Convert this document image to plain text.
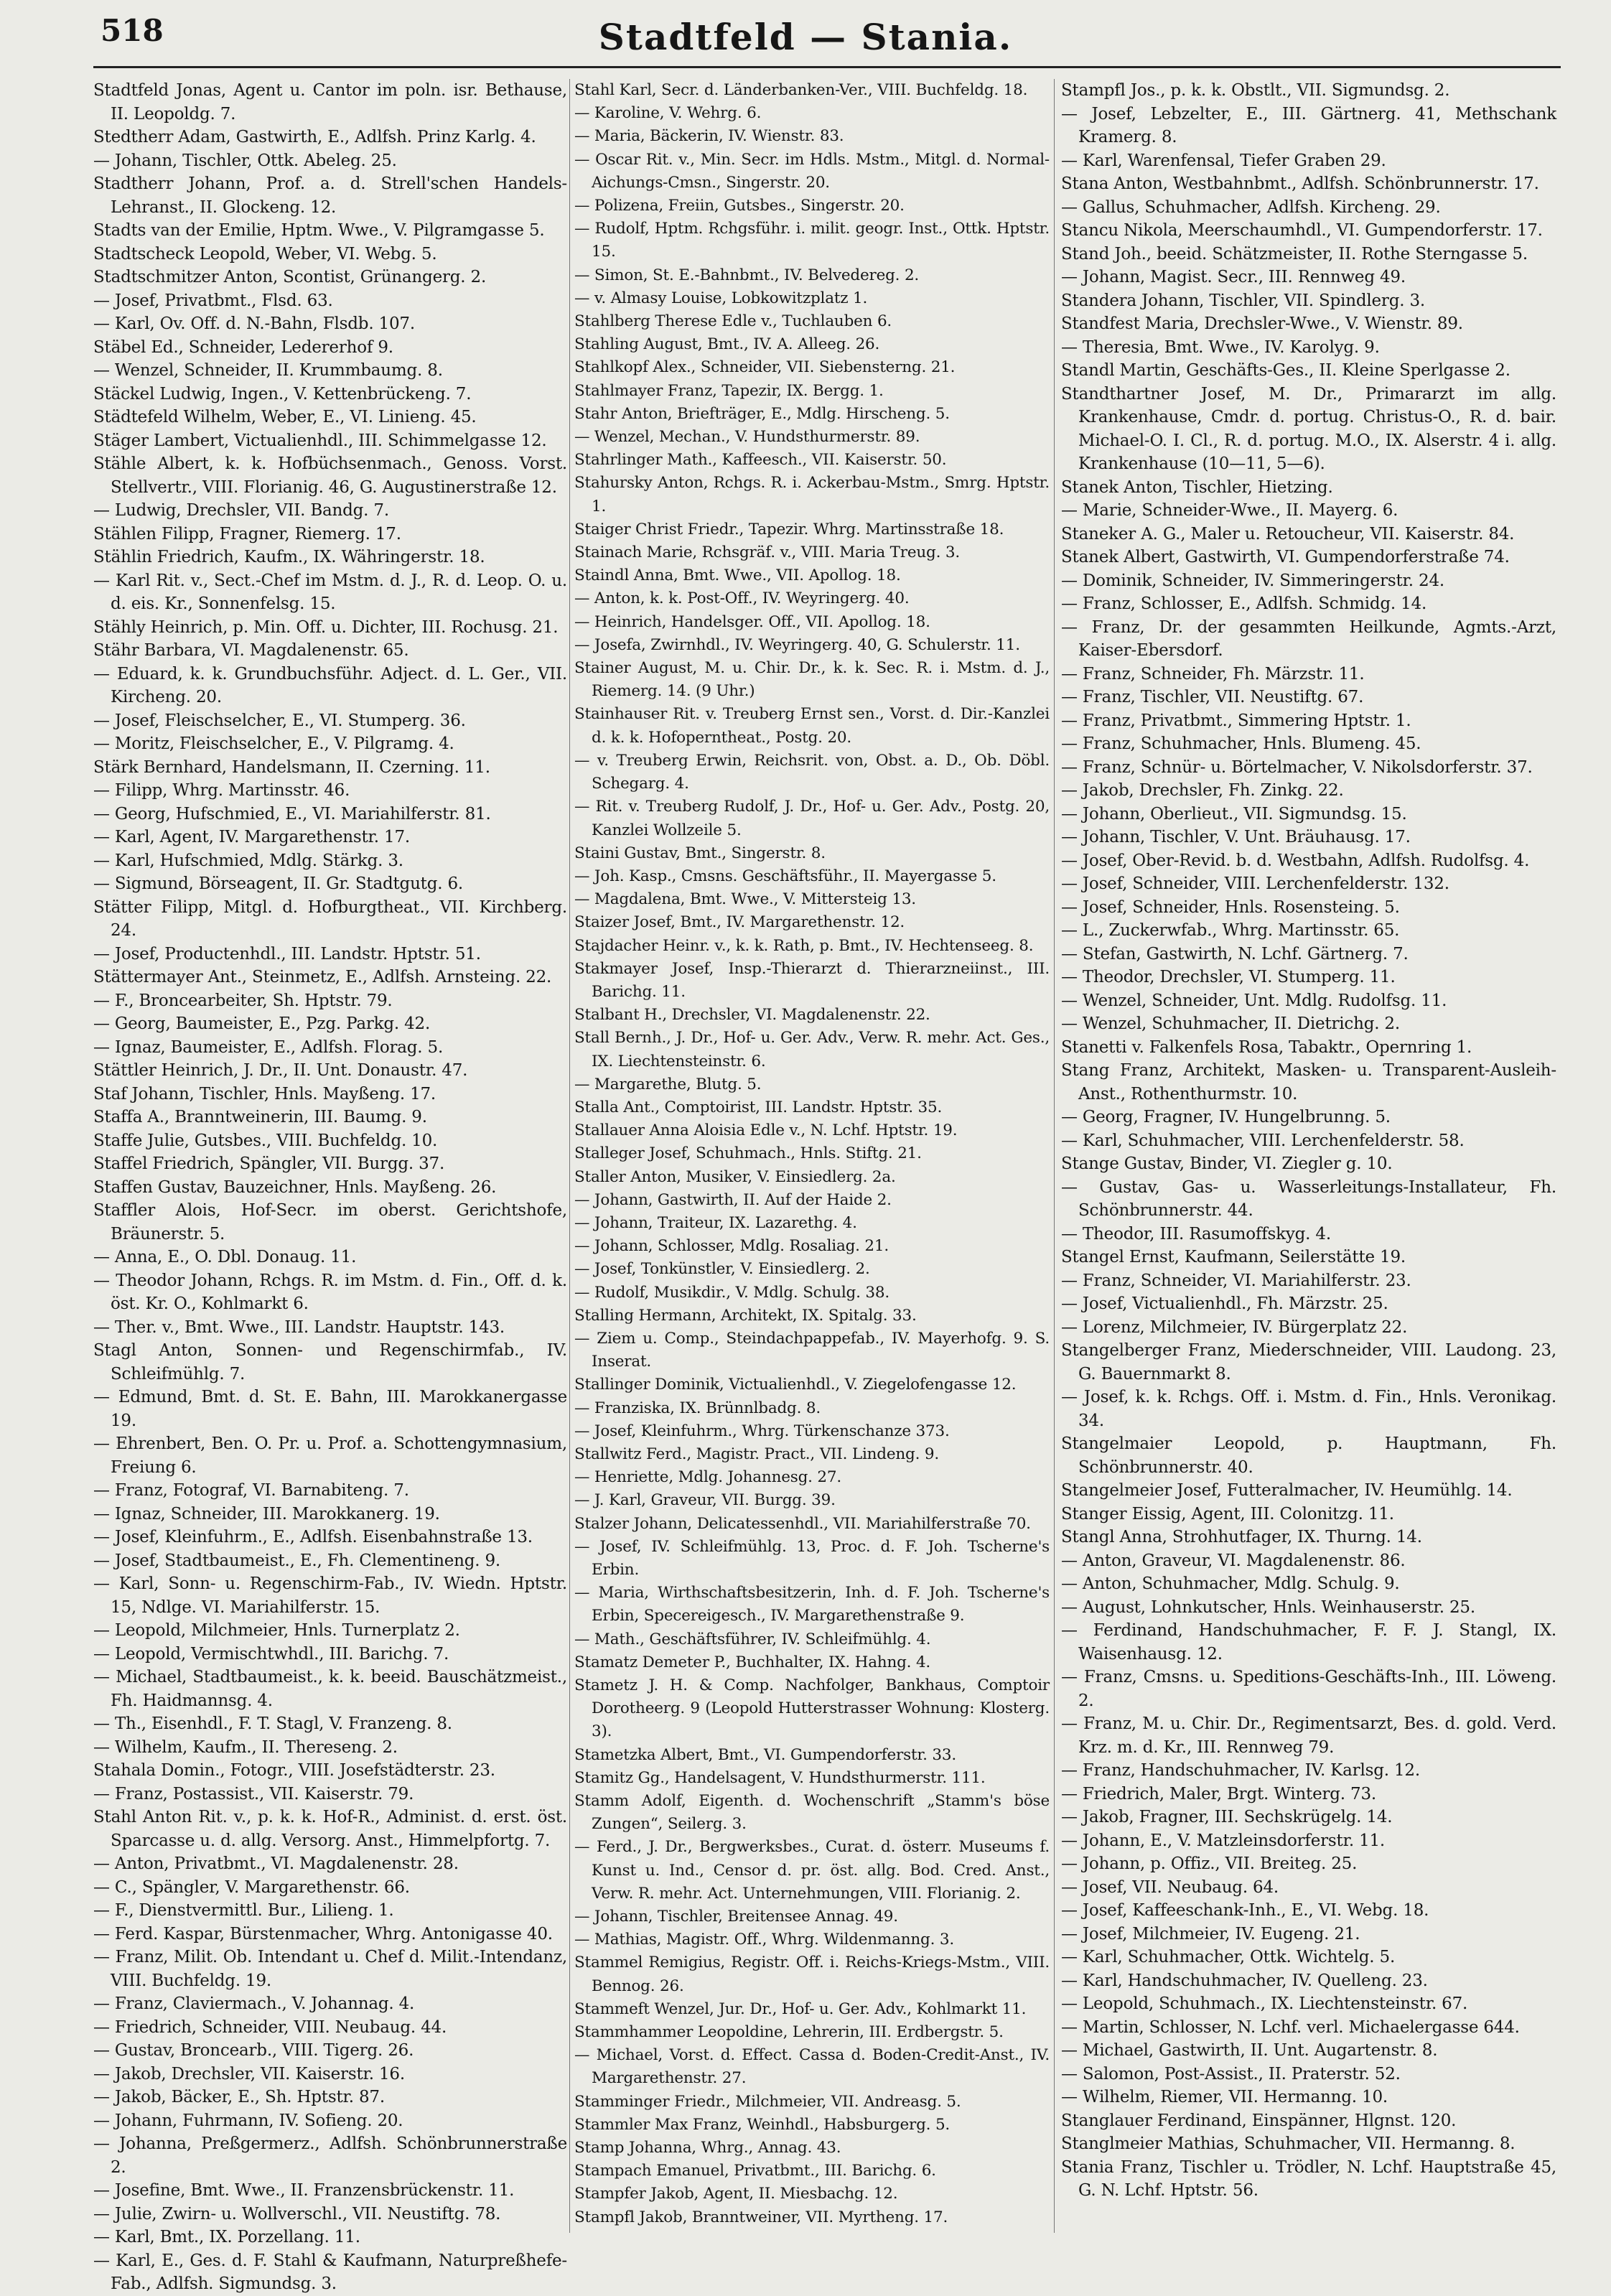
518	Stadtfeld — Stania.

Stadtfeld Jonas, Agent u. Cantor im poln. isr. Bethause, II. Leopoldg. 7.

Stedtherr Adam, Gastwirth, E., Adlfsh. Prinz Karlg. 4.

— Johann, Tischler, Ottk. Abeleg. 25.

Stadtherr Johann, Prof. a. d. Strell'schen Handels-Lehranst., II. Glockeng. 12.

Stadts van der Emilie, Hptm. Wwe., V. Pilgramgasse 5.

Stadtscheck Leopold, Weber, VI. Webg. 5.

Stadtschmitzer Anton, Scontist, Grünangerg. 2.

— Josef, Privatbmt., Flsd. 63.

— Karl, Ov. Off. d. N.-Bahn, Flsdb. 107.

Stäbel Ed., Schneider, Ledererhof 9.

— Wenzel, Schneider, II. Krummbaumg. 8.

Stäckel Ludwig, Ingen., V. Kettenbrückeng. 7.

Städtefeld Wilhelm, Weber, E., VI. Linieng. 45.

Stäger Lambert, Victualienhdl., III. Schimmelgasse 12.

Stähle Albert, k. k. Hofbüchsenmach., Genoss. Vorst. Stellvertr., VIII. Florianig. 46, G. Augustinerstraße 12.

— Ludwig, Drechsler, VII. Bandg. 7.

Stählen Filipp, Fragner, Riemerg. 17.

Stählin Friedrich, Kaufm., IX. Währingerstr. 18.

— Karl Rit. v., Sect.-Chef im Mstm. d. J., R. d. Leop. O. u. d. eis. Kr., Sonnenfelsg. 15.

Stähly Heinrich, p. Min. Off. u. Dichter, III. Rochusg. 21.

Stähr Barbara, VI. Magdalenenstr. 65.

— Eduard, k. k. Grundbuchsführ. Adject. d. L. Ger., VII. Kircheng. 20.

— Josef, Fleischselcher, E., VI. Stumperg. 36.

— Moritz, Fleischselcher, E., V. Pilgramg. 4.

Stärk Bernhard, Handelsmann, II. Czerning. 11.

— Filipp, Whrg. Martinsstr. 46.

— Georg, Hufschmied, E., VI. Mariahilferstr. 81.

— Karl, Agent, IV. Margarethenstr. 17.

— Karl, Hufschmied, Mdlg. Stärkg. 3.

— Sigmund, Börseagent, II. Gr. Stadtgutg. 6.

Stätter Filipp, Mitgl. d. Hofburgtheat., VII. Kirchberg. 24.

— Josef, Productenhdl., III. Landstr. Hptstr. 51.

Stättermayer Ant., Steinmetz, E., Adlfsh. Arnsteing. 22.

— F., Broncearbeiter, Sh. Hptstr. 79.

— Georg, Baumeister, E., Pzg. Parkg. 42.

— Ignaz, Baumeister, E., Adlfsh. Florag. 5.

Stättler Heinrich, J. Dr., II. Unt. Donaustr. 47.

Staf Johann, Tischler, Hnls. Mayßeng. 17.

Staffa A., Branntweinerin, III. Baumg. 9.

Staffe Julie, Gutsbes., VIII. Buchfeldg. 10.

Staffel Friedrich, Spängler, VII. Burgg. 37.

Staffen Gustav, Bauzeichner, Hnls. Mayßeng. 26.

Staffler Alois, Hof-Secr. im oberst. Gerichtshofe, Bräunerstr. 5.

— Anna, E., O. Dbl. Donaug. 11.

— Theodor Johann, Rchgs. R. im Mstm. d. Fin., Off. d. k. öst. Kr. O., Kohlmarkt 6.

— Ther. v., Bmt. Wwe., III. Landstr. Hauptstr. 143.

Stagl Anton, Sonnen- und Regenschirmfab., IV. Schleifmühlg. 7.

— Edmund, Bmt. d. St. E. Bahn, III. Marokkanergasse 19.

— Ehrenbert, Ben. O. Pr. u. Prof. a. Schottengymnasium, Freiung 6.

— Franz, Fotograf, VI. Barnabiteng. 7.

— Ignaz, Schneider, III. Marokkanerg. 19.

— Josef, Kleinfuhrm., E., Adlfsh. Eisenbahnstraße 13.

— Josef, Stadtbaumeist., E., Fh. Clementineng. 9.

— Karl, Sonn- u. Regenschirm-Fab., IV. Wiedn. Hptstr. 15, Ndlge. VI. Mariahilferstr. 15.

— Leopold, Milchmeier, Hnls. Turnerplatz 2.

— Leopold, Vermischtwhdl., III. Barichg. 7.

— Michael, Stadtbaumeist., k. k. beeid. Bauschätzmeist., Fh. Haidmannsg. 4.

— Th., Eisenhdl., F. T. Stagl, V. Franzeng. 8.

— Wilhelm, Kaufm., II. Thereseng. 2.

Stahala Domin., Fotogr., VIII. Josefstädterstr. 23.

— Franz, Postassist., VII. Kaiserstr. 79.

Stahl Anton Rit. v., p. k. k. Hof-R., Administ. d. erst. öst. Sparcasse u. d. allg. Versorg. Anst., Himmelpfortg. 7.

— Anton, Privatbmt., VI. Magdalenenstr. 28.

— C., Spängler, V. Margarethenstr. 66.

— F., Dienstvermittl. Bur., Lilieng. 1.

— Ferd. Kaspar, Bürstenmacher, Whrg. Antonigasse 40.

— Franz, Milit. Ob. Intendant u. Chef d. Milit.-Intendanz, VIII. Buchfeldg. 19.

— Franz, Claviermach., V. Johannag. 4.

— Friedrich, Schneider, VIII. Neubaug. 44.

— Gustav, Broncearb., VIII. Tigerg. 26.

— Jakob, Drechsler, VII. Kaiserstr. 16.

— Jakob, Bäcker, E., Sh. Hptstr. 87.

— Johann, Fuhrmann, IV. Sofieng. 20.

— Johanna, Preßgermerz., Adlfsh. Schönbrunnerstraße 2.

— Josefine, Bmt. Wwe., II. Franzensbrückenstr. 11.

— Julie, Zwirn- u. Wollverschl., VII. Neustiftg. 78.

— Karl, Bmt., IX. Porzellang. 11.

— Karl, E., Ges. d. F. Stahl & Kaufmann, Naturpreßhefe-Fab., Adlfsh. Sigmundsg. 3.

Stahl Karl, Secr. d. Länderbanken-Ver., VIII. Buchfeldg. 18.

— Karoline, V. Wehrg. 6.

— Maria, Bäckerin, IV. Wienstr. 83.

— Oscar Rit. v., Min. Secr. im Hdls. Mstm., Mitgl. d. Normal-Aichungs-Cmsn., Singerstr. 20.

— Polizena, Freiin, Gutsbes., Singerstr. 20.

— Rudolf, Hptm. Rchgsführ. i. milit. geogr. Inst., Ottk. Hptstr. 15.

— Simon, St. E.-Bahnbmt., IV. Belvedereg. 2.

— v. Almasy Louise, Lobkowitzplatz 1.

Stahlberg Therese Edle v., Tuchlauben 6.

Stahling August, Bmt., IV. A. Alleeg. 26.

Stahlkopf Alex., Schneider, VII. Siebensterng. 21.

Stahlmayer Franz, Tapezir, IX. Bergg. 1.

Stahr Anton, Briefträger, E., Mdlg. Hirscheng. 5.

— Wenzel, Mechan., V. Hundsthurmerstr. 89.

Stahrlinger Math., Kaffeesch., VII. Kaiserstr. 50.

Stahursky Anton, Rchgs. R. i. Ackerbau-Mstm., Smrg. Hptstr. 1.

Staiger Christ Friedr., Tapezir. Whrg. Martinsstraße 18.

Stainach Marie, Rchsgräf. v., VIII. Maria Treug. 3.

Staindl Anna, Bmt. Wwe., VII. Apollog. 18.

— Anton, k. k. Post-Off., IV. Weyringerg. 40.

— Heinrich, Handelsger. Off., VII. Apollog. 18.

— Josefa, Zwirnhdl., IV. Weyringerg. 40, G. Schulerstr. 11.

Stainer August, M. u. Chir. Dr., k. k. Sec. R. i. Mstm. d. J., Riemerg. 14. (9 Uhr.)

Stainhauser Rit. v. Treuberg Ernst sen., Vorst. d. Dir.-Kanzlei d. k. k. Hofoperntheat., Postg. 20.

— v. Treuberg Erwin, Reichsrit. von, Obst. a. D., Ob. Döbl. Schegarg. 4.

— Rit. v. Treuberg Rudolf, J. Dr., Hof- u. Ger. Adv., Postg. 20, Kanzlei Wollzeile 5.

Staini Gustav, Bmt., Singerstr. 8.

— Joh. Kasp., Cmsns. Geschäftsführ., II. Mayergasse 5.

— Magdalena, Bmt. Wwe., V. Mittersteig 13.

Staizer Josef, Bmt., IV. Margarethenstr. 12.

Stajdacher Heinr. v., k. k. Rath, p. Bmt., IV. Hechtenseeg. 8.

Stakmayer Josef, Insp.-Thierarzt d. Thierarzneiinst., III. Barichg. 11.

Stalbant H., Drechsler, VI. Magdalenenstr. 22.

Stall Bernh., J. Dr., Hof- u. Ger. Adv., Verw. R. mehr. Act. Ges., IX. Liechtensteinstr. 6.

— Margarethe, Blutg. 5.

Stalla Ant., Comptoirist, III. Landstr. Hptstr. 35.

Stallauer Anna Aloisia Edle v., N. Lchf. Hptstr. 19.

Stalleger Josef, Schuhmach., Hnls. Stiftg. 21.

Staller Anton, Musiker, V. Einsiedlerg. 2a.

— Johann, Gastwirth, II. Auf der Haide 2.

— Johann, Traiteur, IX. Lazarethg. 4.

— Johann, Schlosser, Mdlg. Rosaliag. 21.

— Josef, Tonkünstler, V. Einsiedlerg. 2.

— Rudolf, Musikdir., V. Mdlg. Schulg. 38.

Stalling Hermann, Architekt, IX. Spitalg. 33.

— Ziem u. Comp., Steindachpappefab., IV. Mayerhofg. 9. S. Inserat.

Stallinger Dominik, Victualienhdl., V. Ziegelofengasse 12.

— Franziska, IX. Brünnlbadg. 8.

— Josef, Kleinfuhrm., Whrg. Türkenschanze 373.

Stallwitz Ferd., Magistr. Pract., VII. Lindeng. 9.

— Henriette, Mdlg. Johannesg. 27.

— J. Karl, Graveur, VII. Burgg. 39.

Stalzer Johann, Delicatessenhdl., VII. Mariahilferstraße 70.

— Josef, IV. Schleifmühlg. 13, Proc. d. F. Joh. Tscherne's Erbin.

— Maria, Wirthschaftsbesitzerin, Inh. d. F. Joh. Tscherne's Erbin, Specereigesch., IV. Margarethenstraße 9.

— Math., Geschäftsführer, IV. Schleifmühlg. 4.

Stamatz Demeter P., Buchhalter, IX. Hahng. 4.

Stametz J. H. & Comp. Nachfolger, Bankhaus, Comptoir Dorotheerg. 9 (Leopold Hutterstrasser Wohnung: Klosterg. 3).

Stametzka Albert, Bmt., VI. Gumpendorferstr. 33.

Stamitz Gg., Handelsagent, V. Hundsthurmerstr. 111.

Stamm Adolf, Eigenth. d. Wochenschrift „Stamm's böse Zungen“, Seilerg. 3.

— Ferd., J. Dr., Bergwerksbes., Curat. d. österr. Museums f. Kunst u. Ind., Censor d. pr. öst. allg. Bod. Cred. Anst., Verw. R. mehr. Act. Unternehmungen, VIII. Florianig. 2.

— Johann, Tischler, Breitensee Annag. 49.

— Mathias, Magistr. Off., Whrg. Wildenmanng. 3.

Stammel Remigius, Registr. Off. i. Reichs-Kriegs-Mstm., VIII. Bennog. 26.

Stammeft Wenzel, Jur. Dr., Hof- u. Ger. Adv., Kohlmarkt 11.

Stammhammer Leopoldine, Lehrerin, III. Erdbergstr. 5.

— Michael, Vorst. d. Effect. Cassa d. Boden-Credit-Anst., IV. Margarethenstr. 27.

Stamminger Friedr., Milchmeier, VII. Andreasg. 5.

Stammler Max Franz, Weinhdl., Habsburgerg. 5.

Stamp Johanna, Whrg., Annag. 43.

Stampach Emanuel, Privatbmt., III. Barichg. 6.

Stampfer Jakob, Agent, II. Miesbachg. 12.

Stampfl Jakob, Branntweiner, VII. Myrtheng. 17.

Stampfl Jos., p. k. k. Obstlt., VII. Sigmundsg. 2.

— Josef, Lebzelter, E., III. Gärtnerg. 41, Methschank Kramerg. 8.

— Karl, Warenfensal, Tiefer Graben 29.

Stana Anton, Westbahnbmt., Adlfsh. Schönbrunnerstr. 17.

— Gallus, Schuhmacher, Adlfsh. Kircheng. 29.

Stancu Nikola, Meerschaumhdl., VI. Gumpendorferstr. 17.

Stand Joh., beeid. Schätzmeister, II. Rothe Sterngasse 5.

— Johann, Magist. Secr., III. Rennweg 49.

Standera Johann, Tischler, VII. Spindlerg. 3.

Standfest Maria, Drechsler-Wwe., V. Wienstr. 89.

— Theresia, Bmt. Wwe., IV. Karolyg. 9.

Standl Martin, Geschäfts-Ges., II. Kleine Sperlgasse 2.

Standthartner Josef, M. Dr., Primararzt im allg. Krankenhause, Cmdr. d. portug. Christus-O., R. d. bair. Michael-O. I. Cl., R. d. portug. M.O., IX. Alserstr. 4 i. allg. Krankenhause (10—11, 5—6).

Stanek Anton, Tischler, Hietzing.

— Marie, Schneider-Wwe., II. Mayerg. 6.

Staneker A. G., Maler u. Retoucheur, VII. Kaiserstr. 84.

Stanek Albert, Gastwirth, VI. Gumpendorferstraße 74.

— Dominik, Schneider, IV. Simmeringerstr. 24.

— Franz, Schlosser, E., Adlfsh. Schmidg. 14.

— Franz, Dr. der gesammten Heilkunde, Agmts.-Arzt, Kaiser-Ebersdorf.

— Franz, Schneider, Fh. Märzstr. 11.

— Franz, Tischler, VII. Neustiftg. 67.

— Franz, Privatbmt., Simmering Hptstr. 1.

— Franz, Schuhmacher, Hnls. Blumeng. 45.

— Franz, Schnür- u. Börtelmacher, V. Nikolsdorferstr. 37.

— Jakob, Drechsler, Fh. Zinkg. 22.

— Johann, Oberlieut., VII. Sigmundsg. 15.

— Johann, Tischler, V. Unt. Bräuhausg. 17.

— Josef, Ober-Revid. b. d. Westbahn, Adlfsh. Rudolfsg. 4.

— Josef, Schneider, VIII. Lerchenfelderstr. 132.

— Josef, Schneider, Hnls. Rosensteing. 5.

— L., Zuckerwfab., Whrg. Martinsstr. 65.

— Stefan, Gastwirth, N. Lchf. Gärtnerg. 7.

— Theodor, Drechsler, VI. Stumperg. 11.

— Wenzel, Schneider, Unt. Mdlg. Rudolfsg. 11.

— Wenzel, Schuhmacher, II. Dietrichg. 2.

Stanetti v. Falkenfels Rosa, Tabaktr., Opernring 1.

Stang Franz, Architekt, Masken- u. Transparent-Ausleih-Anst., Rothenthurmstr. 10.

— Georg, Fragner, IV. Hungelbrunng. 5.

— Karl, Schuhmacher, VIII. Lerchenfelderstr. 58.

Stange Gustav, Binder, VI. Ziegler g. 10.

— Gustav, Gas- u. Wasserleitungs-Installateur, Fh. Schönbrunnerstr. 44.

— Theodor, III. Rasumoffskyg. 4.

Stangel Ernst, Kaufmann, Seilerstätte 19.

— Franz, Schneider, VI. Mariahilferstr. 23.

— Josef, Victualienhdl., Fh. Märzstr. 25.

— Lorenz, Milchmeier, IV. Bürgerplatz 22.

Stangelberger Franz, Miederschneider, VIII. Laudong. 23, G. Bauernmarkt 8.

— Josef, k. k. Rchgs. Off. i. Mstm. d. Fin., Hnls. Veronikag. 34.

Stangelmaier Leopold, p. Hauptmann, Fh. Schönbrunnerstr. 40.

Stangelmeier Josef, Futteralmacher, IV. Heumühlg. 14.

Stanger Eissig, Agent, III. Colonitzg. 11.

Stangl Anna, Strohhutfager, IX. Thurng. 14.

— Anton, Graveur, VI. Magdalenenstr. 86.

— Anton, Schuhmacher, Mdlg. Schulg. 9.

— August, Lohnkutscher, Hnls. Weinhauserstr. 25.

— Ferdinand, Handschuhmacher, F. F. J. Stangl, IX. Waisenhausg. 12.

— Franz, Cmsns. u. Speditions-Geschäfts-Inh., III. Löweng. 2.

— Franz, M. u. Chir. Dr., Regimentsarzt, Bes. d. gold. Verd. Krz. m. d. Kr., III. Rennweg 79.

— Franz, Handschuhmacher, IV. Karlsg. 12.

— Friedrich, Maler, Brgt. Winterg. 73.

— Jakob, Fragner, III. Sechskrügelg. 14.

— Johann, E., V. Matzleinsdorferstr. 11.

— Johann, p. Offiz., VII. Breiteg. 25.

— Josef, VII. Neubaug. 64.

— Josef, Kaffeeschank-Inh., E., VI. Webg. 18.

— Josef, Milchmeier, IV. Eugeng. 21.

— Karl, Schuhmacher, Ottk. Wichtelg. 5.

— Karl, Handschuhmacher, IV. Quelleng. 23.

— Leopold, Schuhmach., IX. Liechtensteinstr. 67.

— Martin, Schlosser, N. Lchf. verl. Michaelergasse 644.

— Michael, Gastwirth, II. Unt. Augartenstr. 8.

— Salomon, Post-Assist., II. Praterstr. 52.

— Wilhelm, Riemer, VII. Hermanng. 10.

Stanglauer Ferdinand, Einspänner, Hlgnst. 120.

Stanglmeier Mathias, Schuhmacher, VII. Hermanng. 8.

Stania Franz, Tischler u. Trödler, N. Lchf. Hauptstraße 45, G. N. Lchf. Hptstr. 56.
